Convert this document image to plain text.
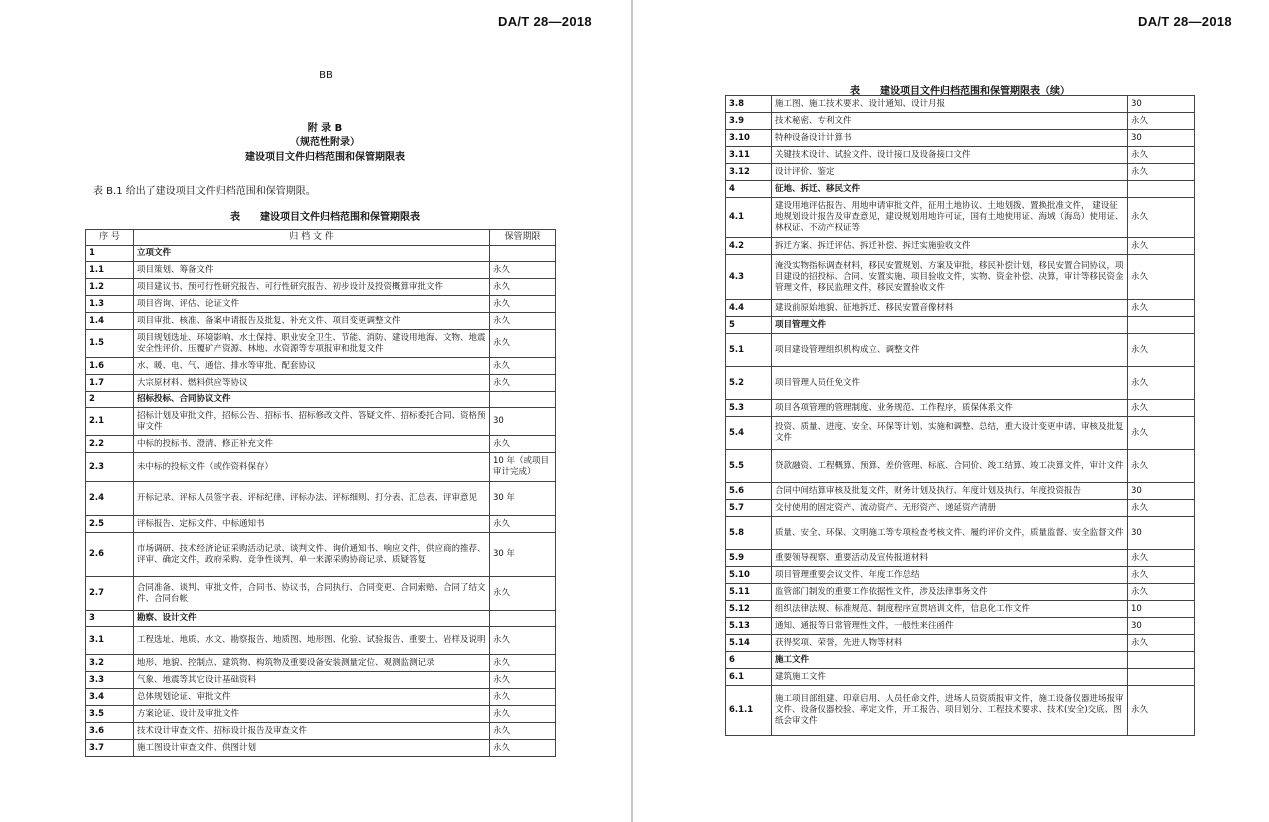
DA/T 28—2018
BB
附 录 B
（规范性附录）
建设项目文件归档范围和保管期限表
表 B.1 给出了建设项目文件归档范围和保管期限。
表　　建设项目文件归档范围和保管期限表
序 号	归 档 文 件	保管期限
1	立项文件	
1.1	项目策划、筹备文件	永久
1.2	项目建议书、预可行性研究报告、可行性研究报告、初步设计及投资概算审批文件	永久
1.3	项目咨询、评估、论证文件	永久
1.4	项目审批、核准、备案申请报告及批复、补充文件、项目变更调整文件	永久
1.5	项目规划选址、环境影响、水土保持、职业安全卫生、节能、消防、建设用地海、文物、地震安全性评价、压覆矿产资源、林地、水资源等专项报审和批复文件	永久
1.6	水、暖、电、气、通信、排水等审批、配套协议	永久
1.7	大宗原材料、燃料供应等协议	永久
2	招标投标、合同协议文件	
2.1	招标计划及审批文件，招标公告、招标书、招标修改文件、答疑文件、招标委托合同、资格预审文件	30
2.2	中标的投标书、澄清、修正补充文件	永久
2.3	未中标的投标文件（或作资料保存）	10 年（或项目审计完成）
2.4	开标记录、评标人员签字表、评标纪律、评标办法、评标细则、打分表、汇总表、评审意见	30 年
2.5	评标报告、定标文件、中标通知书	永久
2.6	市场调研、技术经济论证采购活动记录、谈判文件、询价通知书、响应文件，供应商的推荐、评审、确定文件，政府采购、竞争性谈判、单一来源采购协商记录、质疑答复	30 年
2.7	合同准备、谈判、审批文件，合同书、协议书，合同执行、合同变更、合同索赔、合同了结文件、合同台帐	永久
3	勘察、设计文件	
3.1	工程选址、地质、水文、勘察报告、地质图、地形图、化验、试验报告、重要土、岩样及说明	永久
3.2	地形、地貌、控制点、建筑物、构筑物及重要设备安装测量定位、观测监测记录	永久
3.3	气象、地震等其它设计基础资料	永久
3.4	总体规划论证、审批文件	永久
3.5	方案论证、设计及审批文件	永久
3.6	技术设计审查文件、招标设计报告及审查文件	永久
3.7	施工图设计审查文件、供图计划	永久
DA/T 28—2018
表　　建设项目文件归档范围和保管期限表（续）
3.8	施工图、施工技术要求、设计通知、设计月报	30
3.9	技术秘密、专利文件	永久
3.10	特种设备设计计算书	30
3.11	关键技术设计、试验文件、设计接口及设备接口文件	永久
3.12	设计评价、鉴定	永久
4	征地、拆迁、移民文件	
4.1	建设用地评估报告、用地申请审批文件，征用土地协议、土地划拨、置换批准文件， 建设征地规划设计报告及审查意见，建设规划用地许可证，国有土地使用证、海域（海岛）使用证、林权证、不动产权证等	永久
4.2	拆迁方案、拆迁评估、拆迁补偿、拆迁实施验收文件	永久
4.3	淹没实物指标调查材料，移民安置规划、方案及审批，移民补偿计划，移民安置合同协议，项目建设的招投标、合同、安置实施、项目验收文件，实物、资金补偿、决算，审计等移民资金管理文件，移民监理文件，移民安置验收文件	永久
4.4	建设前原始地貌、征地拆迁、移民安置音像材料	永久
5	项目管理文件	
5.1	项目建设管理组织机构成立、调整文件	永久
5.2	项目管理人员任免文件	永久
5.3	项目各项管理的管理制度、业务规范、工作程序，质保体系文件	永久
5.4	投资、质量、进度、安全、环保等计划、实施和调整、总结，重大设计变更申请、审核及批复文件	永久
5.5	贷款融资、工程概算、预算、差价管理、标底、合同价、竣工结算、竣工决算文件，审计文件	永久
5.6	合同中间结算审核及批复文件，财务计划及执行、年度计划及执行、年度投资报告	30
5.7	交付使用的固定资产、流动资产、无形资产、递延资产清册	永久
5.8	质量、安全、环保、文明施工等专项检查考核文件、履约评价文件，质量监督、安全监督文件	30
5.9	重要领导视察、重要活动及宣传报道材料	永久
5.10	项目管理重要会议文件、年度工作总结	永久
5.11	监管部门制发的重要工作依据性文件，涉及法律事务文件	永久
5.12	组织法律法规、标准规范、制度程序宣贯培训文件，信息化工作文件	10
5.13	通知、通报等日常管理性文件，一般性来往函件	30
5.14	获得奖项、荣誉，先进人物等材料	永久
6	施工文件	
6.1	建筑施工文件	
6.1.1	施工项目部组建、印章启用、人员任命文件，进场人员资质报审文件，施工设备仪器进场报审文件、设备仪器校验、率定文件，开工报告、项目划分、工程技术要求、技术(安全)交底、图纸会审文件	永久
